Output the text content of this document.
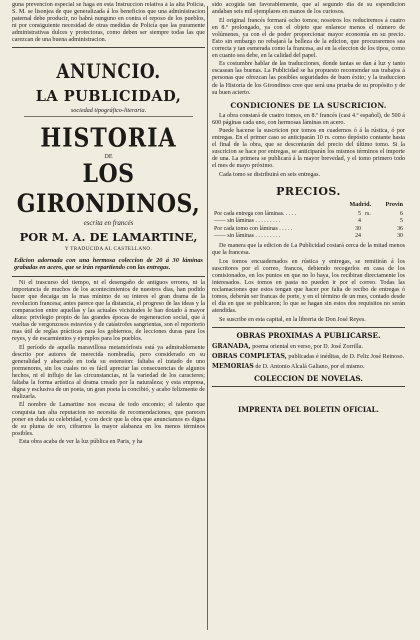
guna prevencion especial se haga en esta Instruccion relativa á la alta Policía, S. M. se lisonjea de que generalizada á los beneficios que una administracion paternal debe producir, no habrá nunguno en contra el reposo de los pueblos, ni por consiguiente necesidad de otras medidas de Policía que las puramente administrativas dulces y protectoras, como deben ser siempre todas las que carezcan de una buena administracion.

ANUNCIO.
LA PUBLICIDAD,
sociedad tipográfico-literaria.
HISTORIA
DE
LOS GIRONDINOS,
escrita en francés
POR M. A. DE LAMARTINE,
Y TRADUCIDA AL CASTELLANO.
Edicion adornada con una hermosa coleccion de 20 á 30 láminas grabadas en acero, que se irán repartiendo con las entregas.

Ni el trascurso del tiempo, ni el desengaño de antiguos errores, ni la importancia de muchos de los acontecimientos de nuestros dias, han podido hacer que decaiga un la mas mínimo de su interes el gran drama de la revolucion francesa; antes parece que la distancia, el progreso de las ideas y la comparacion entre aquellas y las actuales vicisitudes le han dotado á mayor altura: privilegio propio de las grandes épocas de regeneracion social, que á vueltas de vergonzosos estravíos y de catástrofes sangrientas, son el reportorio mas útil de reglas prácticas para los gobiernos, de lecciones duras para los reyes, y de escarmientos y ejemplos para los pueblos.

El período de aquella maravillosa metamórfosis está ya admirablemente descrito por autores de merecida nombradía, pero considerado en su generalidad y abarcado en toda su estension: faltaba el tratado de uno pormenores, sin los cuales no es fácil apreciar las consecuencias de algunos hechos, ni el influjo de las circunstancias, ni la variedad de los caracteres; faltaba la forma artística al drama creado por la naturaleza; y esta empresa, digna y esclusiva de un poeta, un gran poeta la concibió, y acabo felizmente de realizarla.

El nombre de Lamartine nos escusa de todo encomio; el talento que conquista tan alta reputacion no necesita de recomendaciones, que parecen poner en duda su celebridad, y con decir que la obra que anunciamos es digna de su pluma de oro, cifrarnos la mayor alabanza en los menos términos posibles.

Esta obra acaba de ver la luz pública en Paris, y ha

sido acogida tan favorablemente, que al segundo dia de su espendicion andaban seis mil ejemplares en manos de los curiosos.

El original francés formará ocho tomos; nosotros los reduciremos á cuatro en 8.º prolongado, ya con el objeto que enlarece menos el número de volúmenes, ya con el de poder proporcionar mayor economía en su precio. Esto sin embargo no rebajará la belleza de la edicion, que procuraremos sea correcta y tan esmerada como la francesa, asi en la eleccion de los tipos, como en cuanto sea debe, en la calidad del papel.

Es costumbre hablar de las traducciones, donde tantas se dan á luz y tanto escasean las buenas. La Publicidad se ha propuesto recomendar sus trabajos á personas que ofrezcan las posibles seguridades de buen éxito; y la traduccion de la Historia de los Girondinos cree que será una prueba de su propósito y de su buen acierto.

CONDICIONES DE LA SUSCRICION.

La obra constará de cuatro tomos, en 8.º francés (casi 4.º español), de 500 á 600 páginas cada uno, con hermosas láminas en acero.

Puede hacerse la suscricion por tomos en cuadernos ó á la rústica, ó por entregas. En el primer caso se anticiparán 10 rs. como depósito contante hasta el final de la obra, que se descontarán del precio del último tomo. Si la suscricion se hace por entregas, se anticiparán los mismos términos el importe de una. La primera se publicará á la mayor brevedad, y el tomo primero todo el mes de mayo próximo.

Cada tomo se distribuirá en seis entregas.

PRECIOS.
	Madrid.		Provin
Por cada entrega con láminas. . . . .	5	rs.	6
—— sin láminas . . . . . . . . .	4		5
Por cada tomo con láminas . . . . .	30		36
—— sin láminas . . . . . . . . .	24		30

De manera que la edicion de La Publicidad costará cerca de la mitad menos que la francesa.

Los tomos encuadernados en rústica y entregas, se remitirán á los suscritores por el correo, francos, debiendo recogerlos en casa de los comisionados, en los puntos en que no lo haya, los recibiran directamente los interesados. Los tomos en pasta no pueden ir por el correo. Todas las reclamaciones que estos tengan que hacer por falta de recibo de entregas ó tomos, deberán ser francas de porte, y en el término de un mes, contado desde el dia en que se publicaron; lo que se hagan sin estos dos requisitos no serán atendidas.

Se suscribe en esta capital, en la libreria de Don José Reyes.

OBRAS PROXIMAS A PUBLICARSE.

GRANADA, poema oriental en verso, por D. José Zorrilla.

OBRAS COMPLETAS, publicadas é inéditas, de D. Feliz José Reinoso.

MEMORIAS de D. Antonio Alcalá Galiano, por el mismo.

COLECCION DE NOVELAS.
IMPRENTA DEL BOLETIN OFICIAL.
